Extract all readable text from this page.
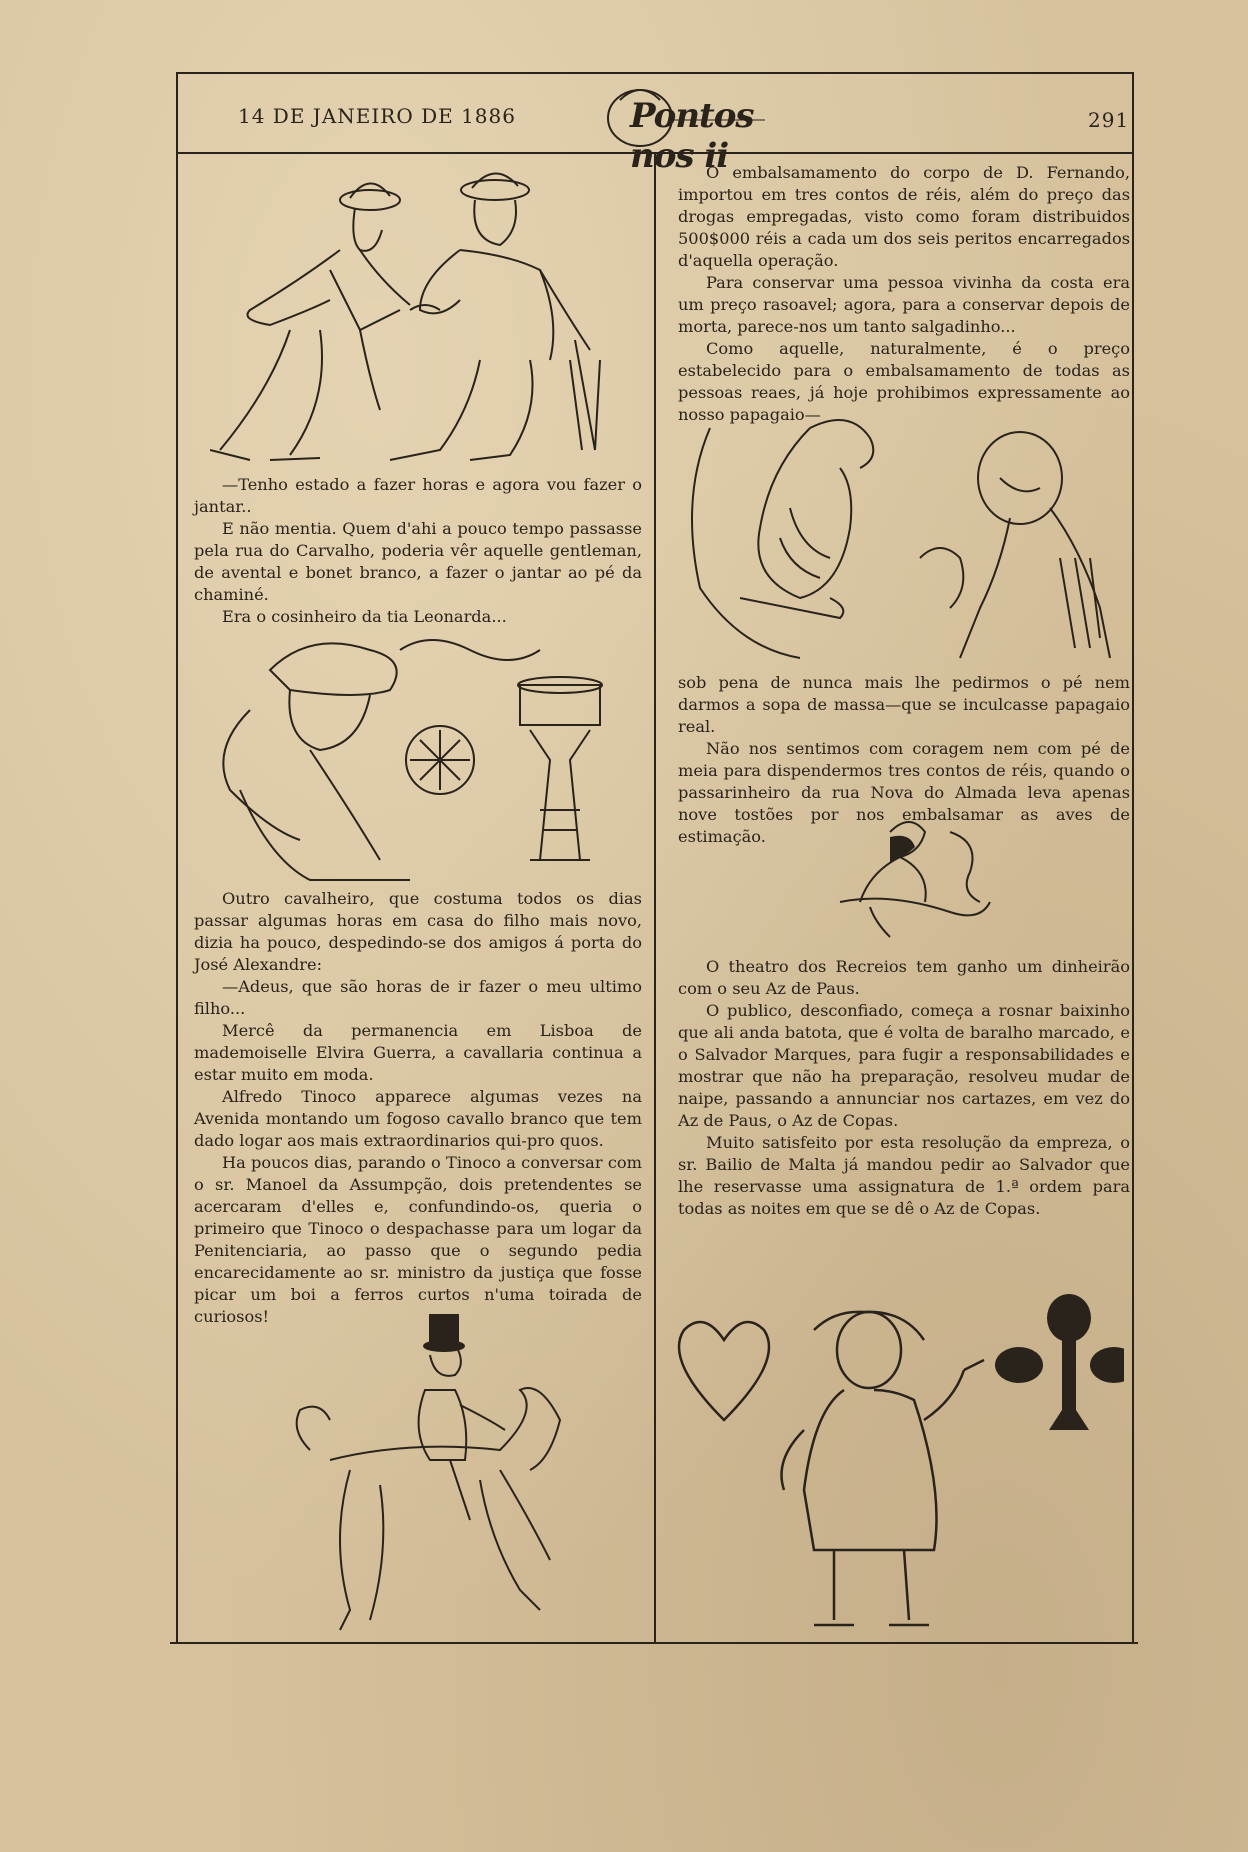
14 DE JANEIRO DE 1886	Pontos nos ii
291

—Tenho estado a fazer horas e agora vou fazer o jantar..

E não mentia. Quem d'ahi a pouco tempo passasse pela rua do Carvalho, poderia vêr aquelle gentleman, de avental e bonet branco, a fazer o jantar ao pé da chaminé.

Era o cosinheiro da tia Leonarda...

Outro cavalheiro, que costuma todos os dias passar algumas horas em casa do filho mais novo, dizia ha pouco, despedindo-se dos amigos á porta do José Alexandre:

—Adeus, que são horas de ir fazer o meu ultimo filho...

Mercê da permanencia em Lisboa de mademoiselle Elvira Guerra, a cavallaria continua a estar muito em moda.

Alfredo Tinoco apparece algumas vezes na Avenida montando um fogoso cavallo branco que tem dado logar aos mais extraordinarios qui-pro quos.

Ha poucos dias, parando o Tinoco a conversar com o sr. Manoel da Assumpção, dois pretendentes se acercaram d'elles e, confundindo-os, queria o primeiro que Tinoco o despachasse para um logar da Penitenciaria, ao passo que o segundo pedia encarecidamente ao sr. ministro da justiça que fosse picar um boi a ferros curtos n'uma toirada de curiosos!

O embalsamamento do corpo de D. Fernando, importou em tres contos de réis, além do preço das drogas empregadas, visto como foram distribuidos 500$000 réis a cada um dos seis peritos encarregados d'aquella operação.

Para conservar uma pessoa vivinha da costa era um preço rasoavel; agora, para a conservar depois de morta, parece-nos um tanto salgadinho...

Como aquelle, naturalmente, é o preço estabelecido para o embalsamamento de todas as pessoas reaes, já hoje prohibimos expressamente ao nosso papagaio—

sob pena de nunca mais lhe pedirmos o pé nem darmos a sopa de massa—que se inculcasse papagaio real.

Não nos sentimos com coragem nem com pé de meia para dispendermos tres contos de réis, quando o passarinheiro da rua Nova do Almada leva apenas nove tostões por nos embalsamar as aves de estimação.

O theatro dos Recreios tem ganho um dinheirão com o seu Az de Paus.

O publico, desconfiado, começa a rosnar baixinho que ali anda batota, que é volta de baralho marcado, e o Salvador Marques, para fugir a responsabilidades e mostrar que não ha preparação, resolveu mudar de naipe, passando a annunciar nos cartazes, em vez do Az de Paus, o Az de Copas.

Muito satisfeito por esta resolução da empreza, o sr. Bailio de Malta já mandou pedir ao Salvador que lhe reservasse uma assignatura de 1.ª ordem para todas as noites em que se dê o Az de Copas.
